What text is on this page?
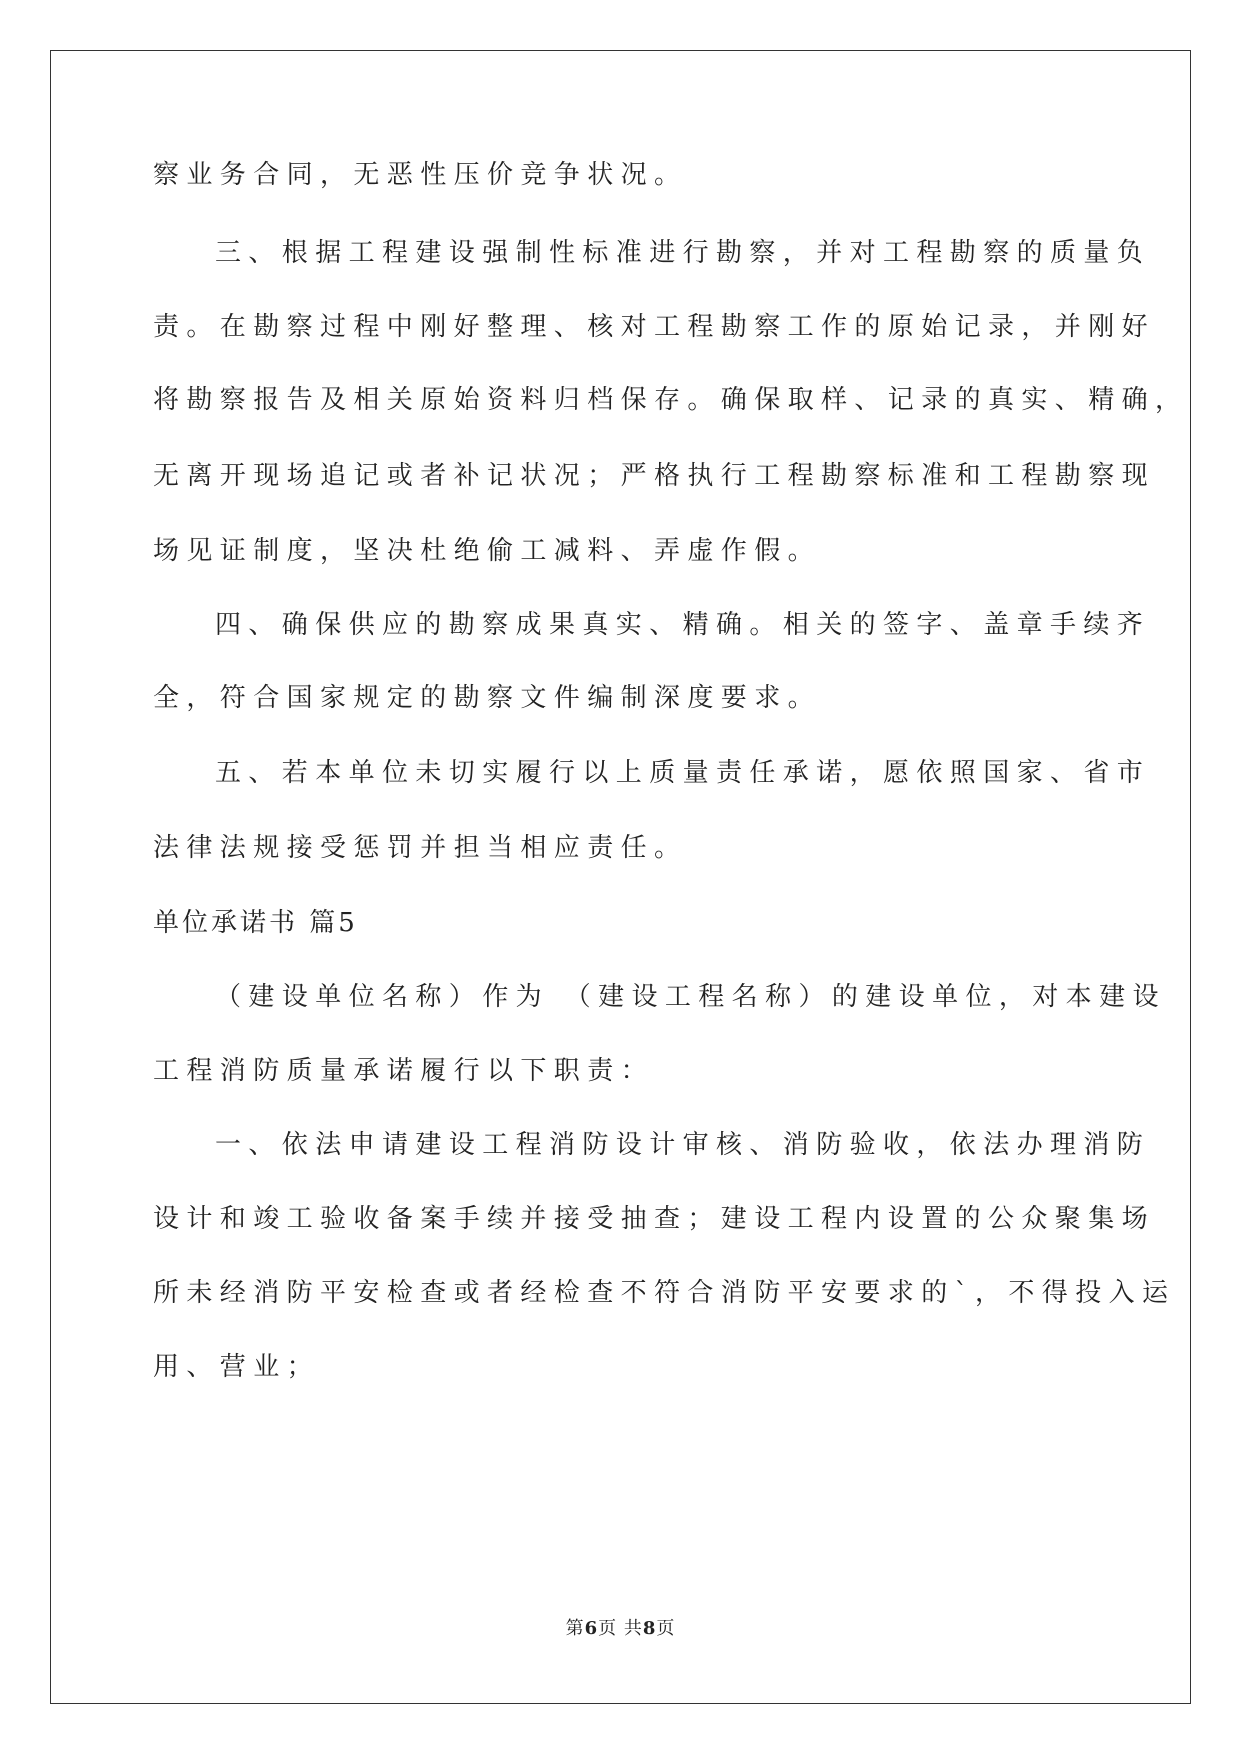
察业务合同，无恶性压价竞争状况。
三、根据工程建设强制性标准进行勘察，并对工程勘察的质量负
责。在勘察过程中刚好整理、核对工程勘察工作的原始记录，并刚好
将勘察报告及相关原始资料归档保存。确保取样、记录的真实、精确，
无离开现场追记或者补记状况；严格执行工程勘察标准和工程勘察现
场见证制度，坚决杜绝偷工减料、弄虚作假。
四、确保供应的勘察成果真实、精确。相关的签字、盖章手续齐
全，符合国家规定的勘察文件编制深度要求。
五、若本单位未切实履行以上质量责任承诺，愿依照国家、省市
法律法规接受惩罚并担当相应责任。
单位承诺书 篇5
（建设单位名称）作为 （建设工程名称）的建设单位，对本建设
工程消防质量承诺履行以下职责：
一、依法申请建设工程消防设计审核、消防验收，依法办理消防
设计和竣工验收备案手续并接受抽查；建设工程内设置的公众聚集场
所未经消防平安检查或者经检查不符合消防平安要求的`，不得投入运
用、营业；
第6页 共8页
